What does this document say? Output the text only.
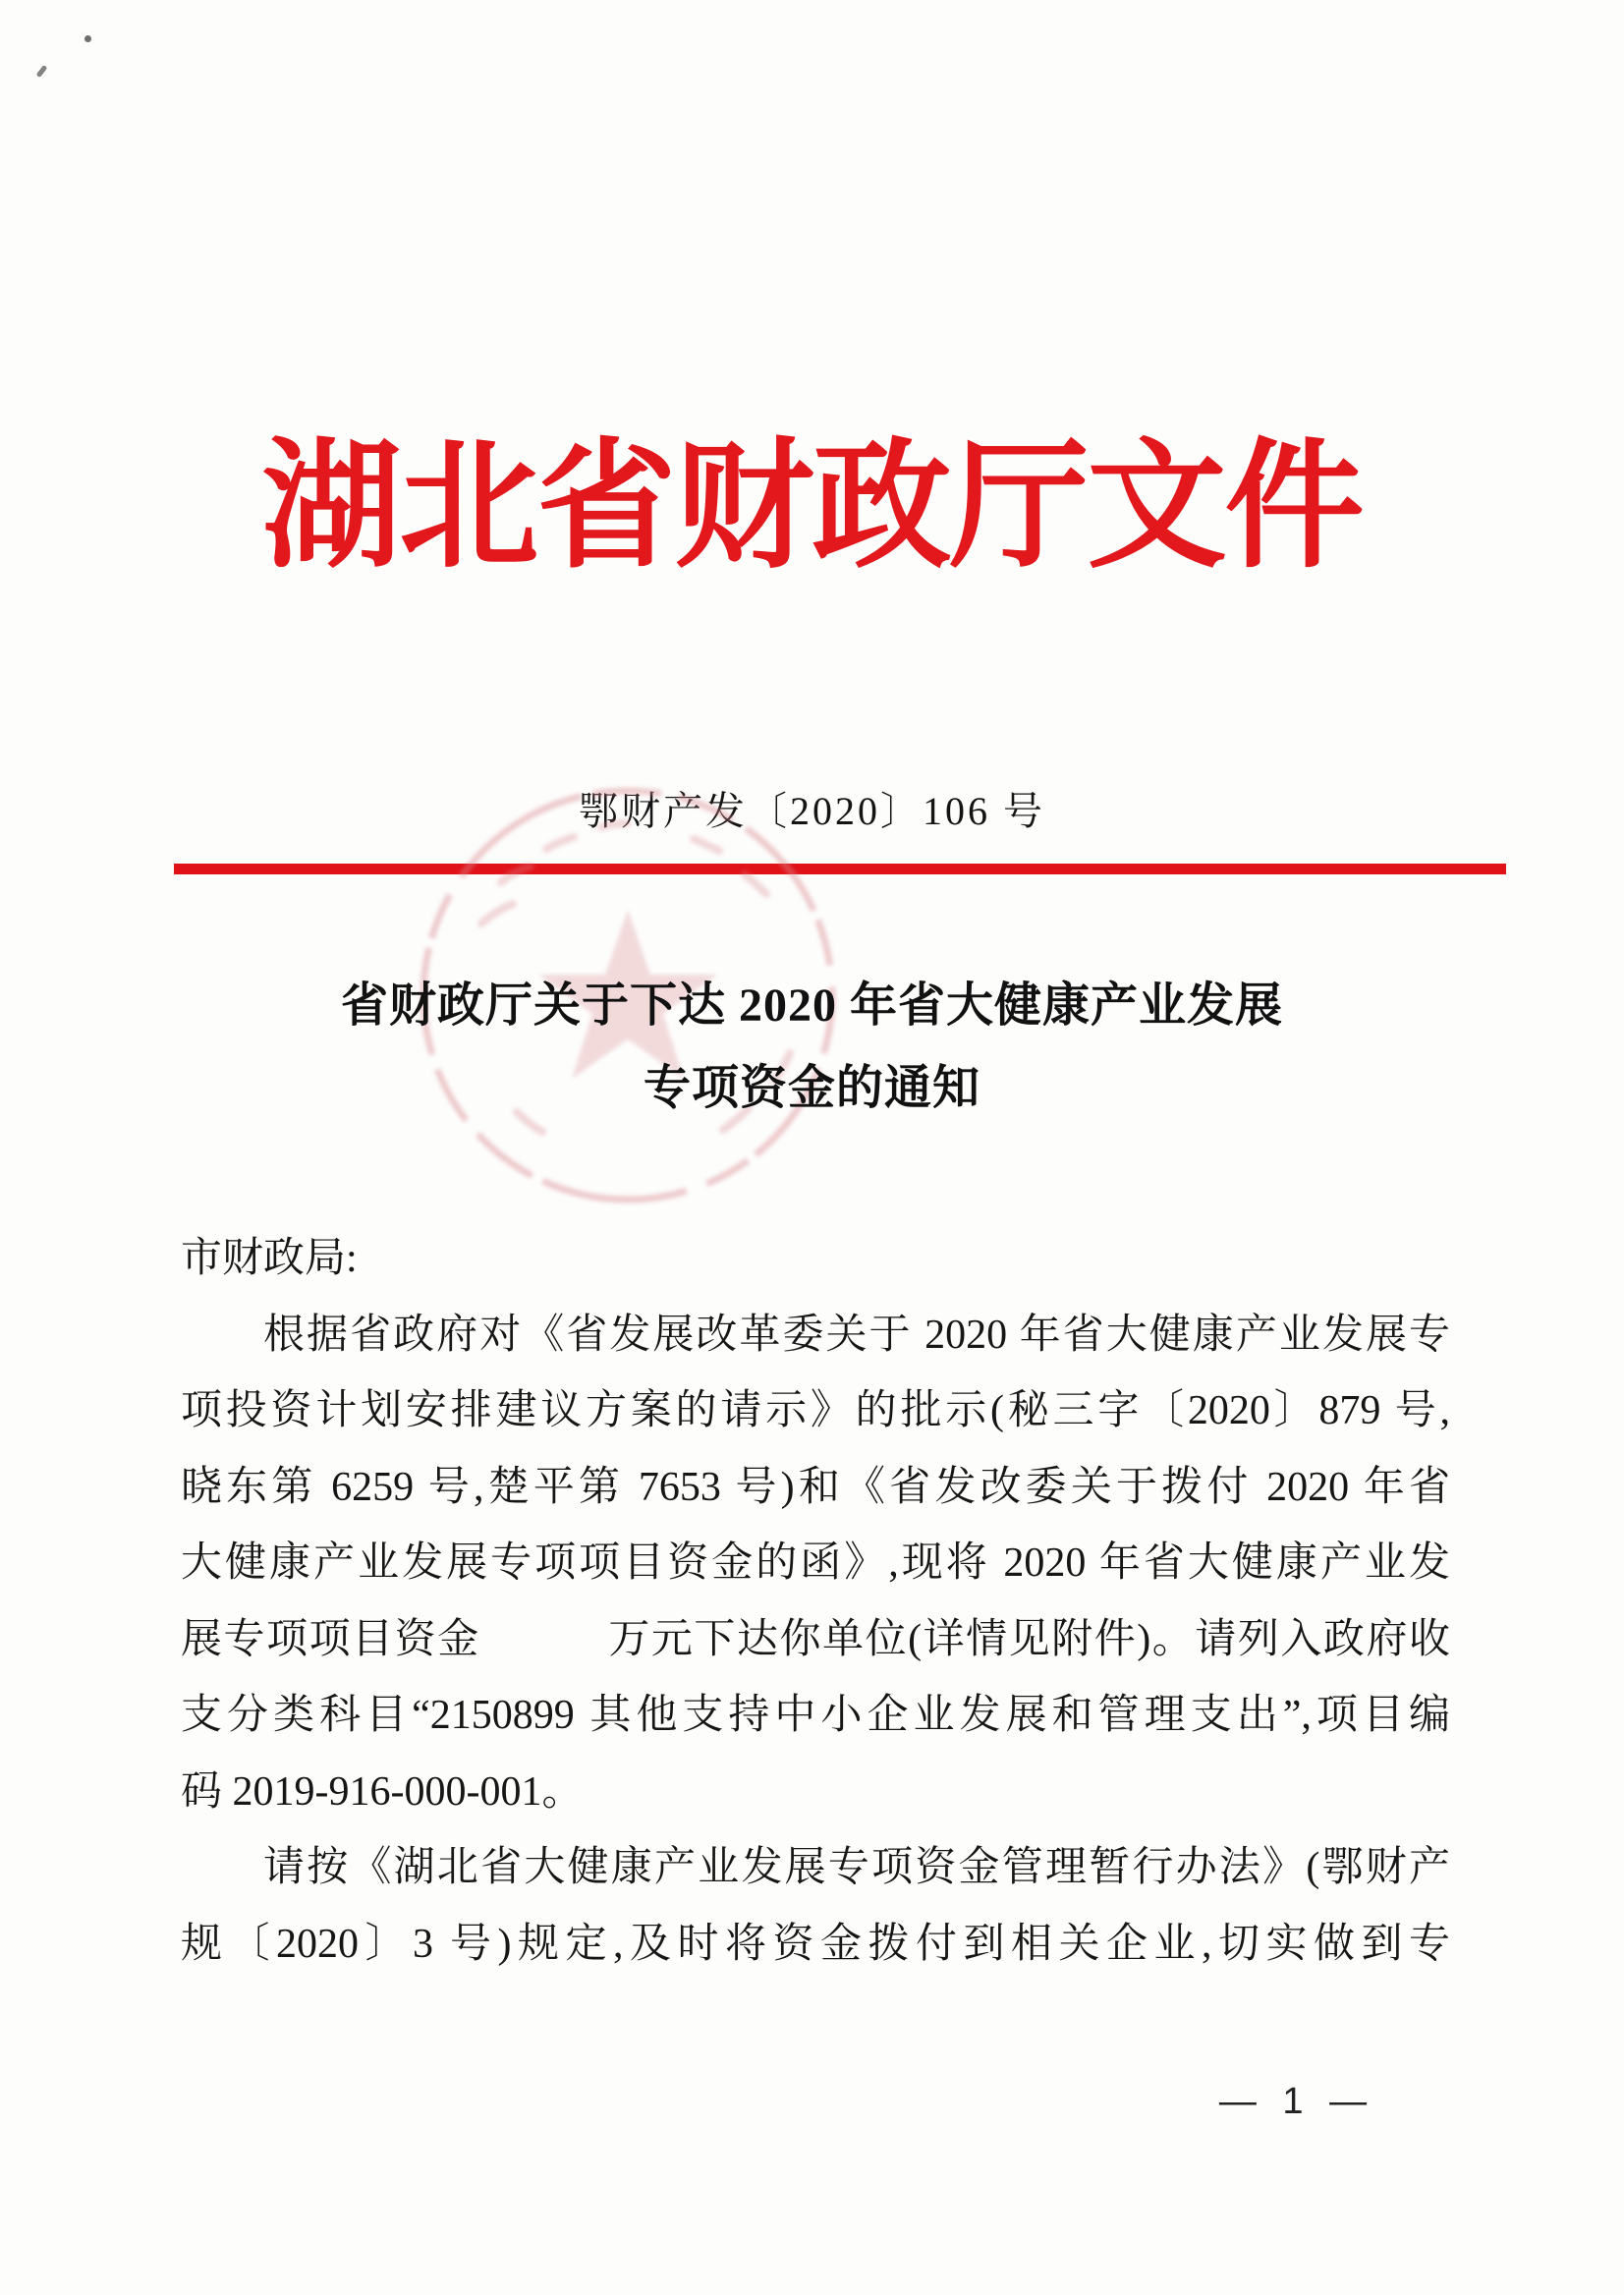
湖北省财政厅文件
鄂财产发〔2020〕106 号
省财政厅关于下达 2020 年省大健康产业发展
专项资金的通知
市财政局:
根据省政府对《省发展改革委关于 2020 年省大健康产业发展专
项投资计划安排建议方案的请示》的批示(秘三字〔2020〕879 号,
晓东第 6259 号,楚平第 7653 号)和《省发改委关于拨付 2020 年省
大健康产业发展专项项目资金的函》,现将 2020 年省大健康产业发
展专项项目资金　　　万元下达你单位(详情见附件)。请列入政府收
支分类科目“2150899 其他支持中小企业发展和管理支出”,项目编
码 2019-916-000-001。
请按《湖北省大健康产业发展专项资金管理暂行办法》(鄂财产
规〔2020〕3 号)规定,及时将资金拨付到相关企业,切实做到专
— 1 —
